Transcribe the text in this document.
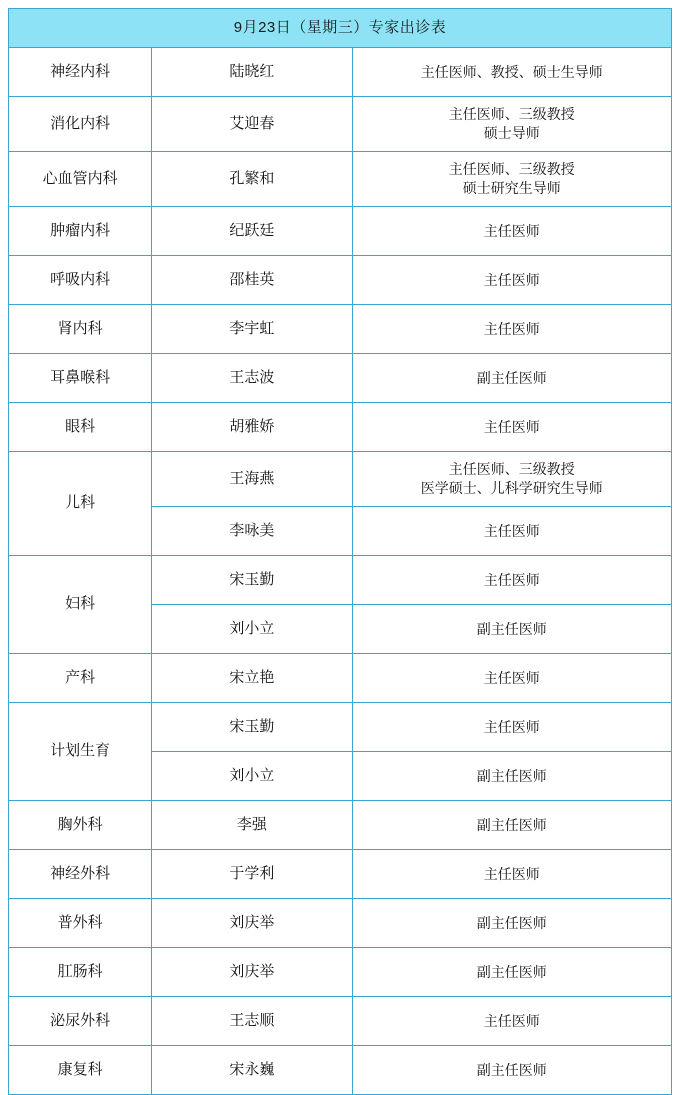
9月23日（星期三）专家出诊表		
神经内科	陆晓红	主任医师、教授、硕士生导师

消化内科	艾迎春	主任医师、三级教授
硕士导师

心血管内科	孔繁和	主任医师、三级教授
硕士研究生导师

肿瘤内科	纪跃廷	主任医师

呼吸内科	邵桂英	主任医师

肾内科	李宇虹	主任医师

耳鼻喉科	王志波	副主任医师

眼科	胡雅娇	主任医师

儿科	王海燕	主任医师、三级教授
医学硕士、儿科学研究生导师

	李咏美	主任医师

妇科	宋玉勤	主任医师

	刘小立	副主任医师

产科	宋立艳	主任医师

计划生育	宋玉勤	主任医师

	刘小立	副主任医师

胸外科	李强	副主任医师

神经外科	于学利	主任医师

普外科	刘庆举	副主任医师

肛肠科	刘庆举	副主任医师

泌尿外科	王志顺	主任医师

康复科	宋永巍	副主任医师
